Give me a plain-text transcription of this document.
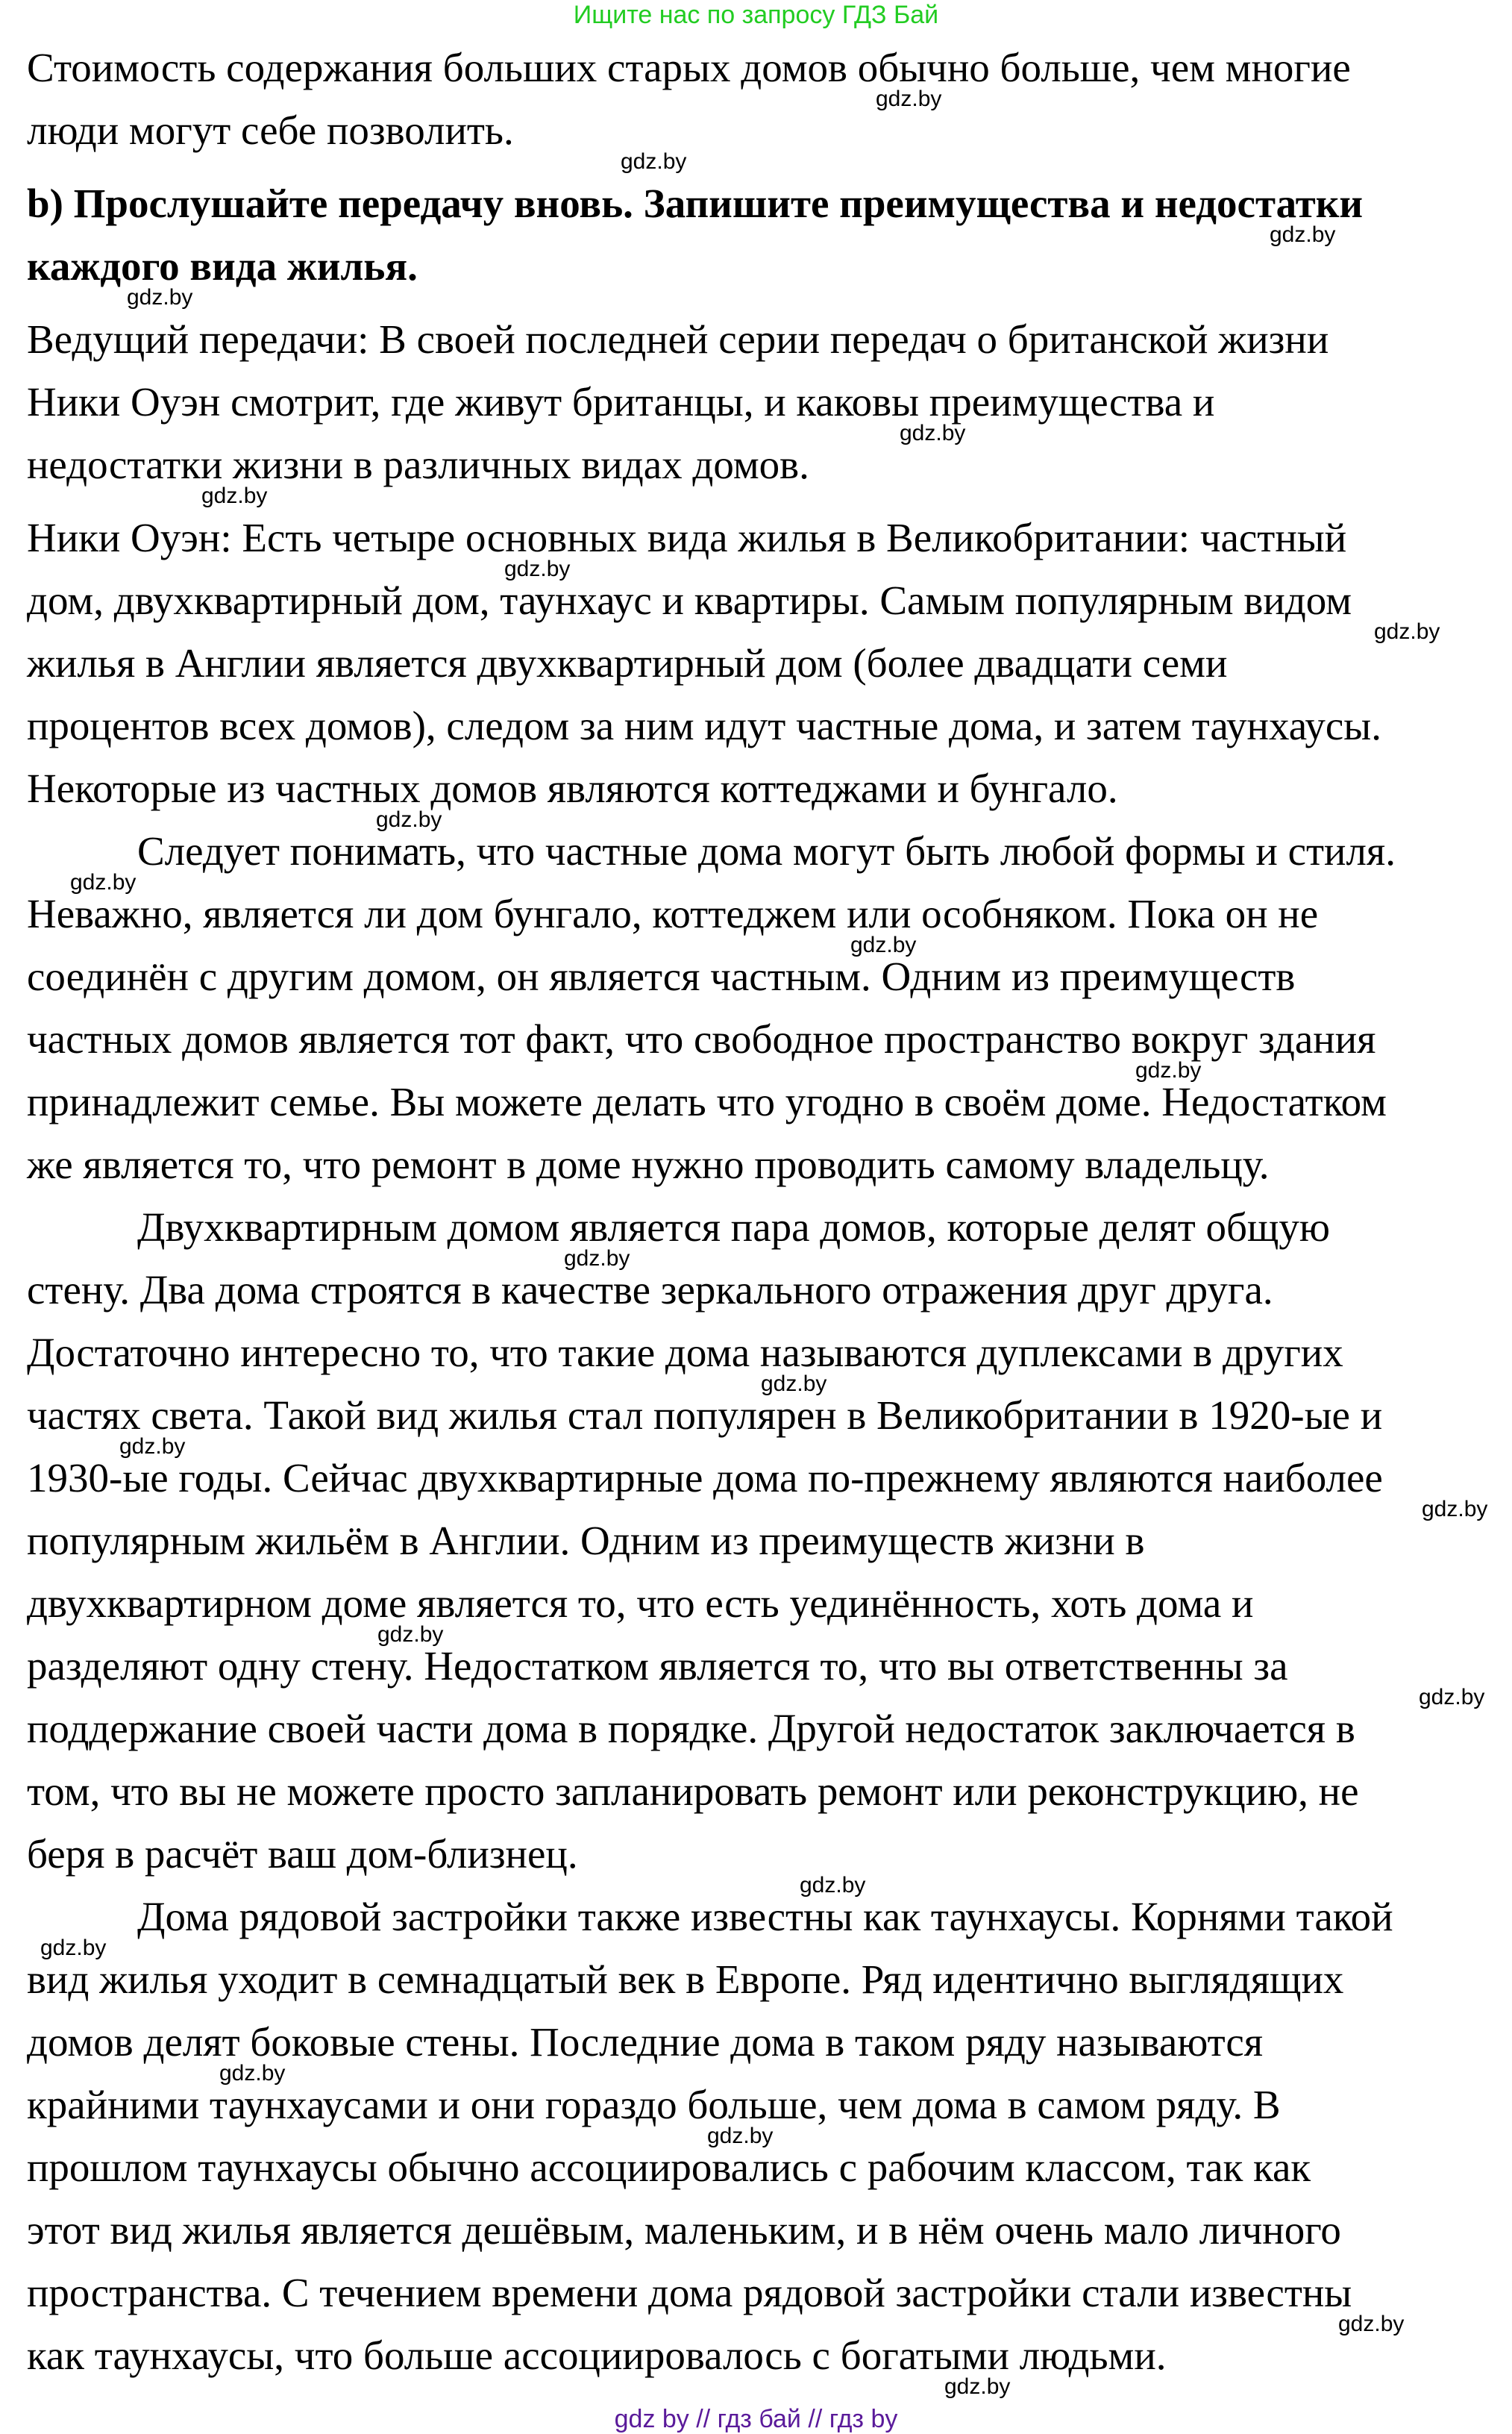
Ищите нас по запросу ГДЗ Бай
Стоимость содержания больших старых домов обычно больше, чем многие
gdz.by
люди могут себе позволить.
gdz.by
b) Прослушайте передачу вновь. Запишите преимущества и недостатки
gdz.by
каждого вида жилья.
gdz.by
Ведущий передачи: В своей последней серии передач о британской жизни
Ники Оуэн смотрит, где живут британцы, и каковы преимущества и
gdz.by
недостатки жизни в различных видах домов.
gdz.by
Ники Оуэн: Есть четыре основных вида жилья в Великобритании: частный
gdz.by
дом, двухквартирный дом, таунхаус и квартиры. Самым популярным видом
gdz.by
жилья в Англии является двухквартирный дом (более двадцати семи
процентов всех домов), следом за ним идут частные дома, и затем таунхаусы.
Некоторые из частных домов являются коттеджами и бунгало.
gdz.by
Следует понимать, что частные дома могут быть любой формы и стиля.
gdz.by
Неважно, является ли дом бунгало, коттеджем или особняком. Пока он не
gdz.by
соединён с другим домом, он является частным. Одним из преимуществ
частных домов является тот факт, что свободное пространство вокруг здания
gdz.by
принадлежит семье. Вы можете делать что угодно в своём доме. Недостатком
же является то, что ремонт в доме нужно проводить самому владельцу.
Двухквартирным домом является пара домов, которые делят общую
gdz.by
стену. Два дома строятся в качестве зеркального отражения друг друга.
Достаточно интересно то, что такие дома называются дуплексами в других
gdz.by
частях света. Такой вид жилья стал популярен в Великобритании в 1920-ые и
gdz.by
1930-ые годы. Сейчас двухквартирные дома по-прежнему являются наиболее
gdz.by
популярным жильём в Англии. Одним из преимуществ жизни в
двухквартирном доме является то, что есть уединённость, хоть дома и
gdz.by
разделяют одну стену. Недостатком является то, что вы ответственны за
gdz.by
поддержание своей части дома в порядке. Другой недостаток заключается в
том, что вы не можете просто запланировать ремонт или реконструкцию, не
беря в расчёт ваш дом-близнец.
gdz.by
Дома рядовой застройки также известны как таунхаусы. Корнями такой
gdz.by
вид жилья уходит в семнадцатый век в Европе. Ряд идентично выглядящих
домов делят боковые стены. Последние дома в таком ряду называются
gdz.by
крайними таунхаусами и они гораздо больше, чем дома в самом ряду. В
gdz.by
прошлом таунхаусы обычно ассоциировались с рабочим классом, так как
этот вид жилья является дешёвым, маленьким, и в нём очень мало личного
пространства. С течением времени дома рядовой застройки стали известны
gdz.by
как таунхаусы, что больше ассоциировалось с богатыми людьми.
gdz.by
gdz by // гдз бай // гдз by
